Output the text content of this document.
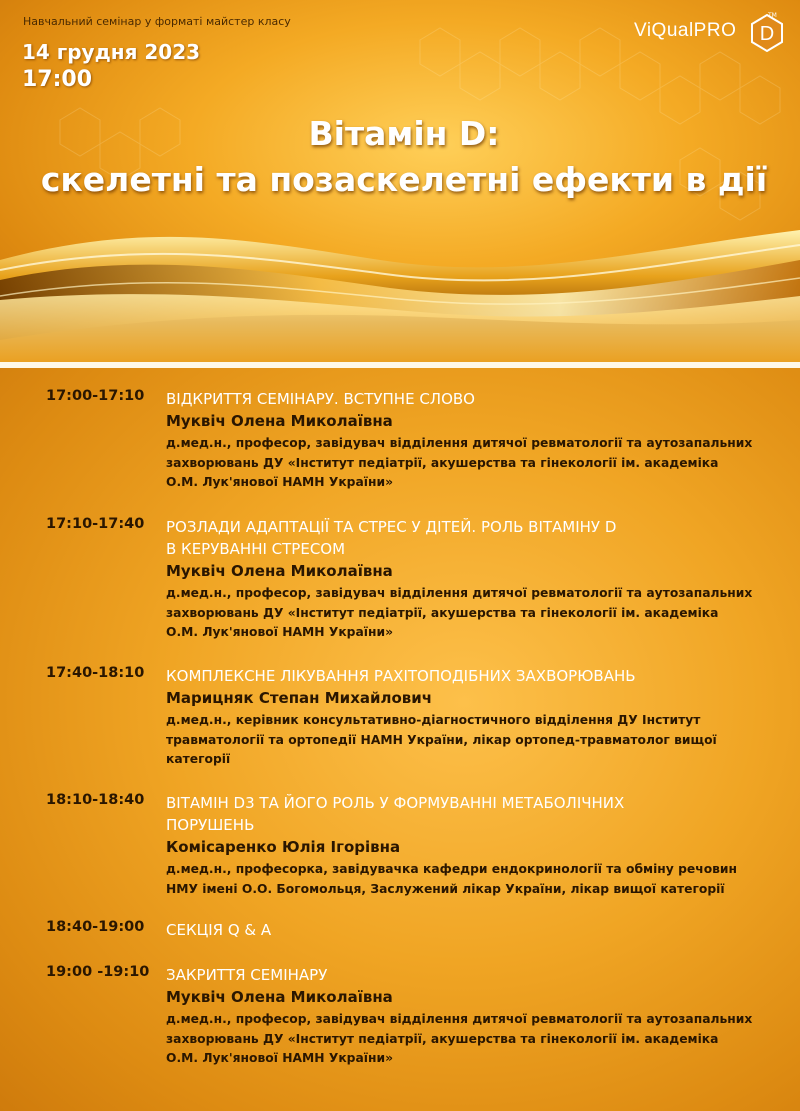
Навчальний семінар у форматі майстер класу
14 грудня 2023
17:00
ViQualPRO D
TM
Вітамін D:
скелетні та позаскелетні ефекти в дії
17:00-17:10 ВІДКРИТТЯ СЕМІНАРУ. ВСТУПНЕ СЛОВО
Муквіч Олена Миколаївна
д.мед.н., професор, завідувач відділення дитячої ревматології та аутозапальних
захворювань ДУ «Інститут педіатрії, акушерства та гінекології ім. академіка
О.М. Лук'янової НАМН України»
17:10-17:40 РОЗЛАДИ АДАПТАЦІЇ ТА СТРЕС У ДІТЕЙ. РОЛЬ ВІТАМІНУ D
В КЕРУВАННІ СТРЕСОМ
Муквіч Олена Миколаївна
д.мед.н., професор, завідувач відділення дитячої ревматології та аутозапальних
захворювань ДУ «Інститут педіатрії, акушерства та гінекології ім. академіка
О.М. Лук'янової НАМН України»
17:40-18:10 КОМПЛЕКСНЕ ЛІКУВАННЯ РАХІТОПОДІБНИХ ЗАХВОРЮВАНЬ
Марицняк Степан Михайлович
д.мед.н., керівник консультативно-діагностичного відділення ДУ Інститут
травматології та ортопедії НАМН України, лікар ортопед-травматолог вищої
категорії
18:10-18:40 ВІТАМІН D3 ТА ЙОГО РОЛЬ У ФОРМУВАННІ МЕТАБОЛІЧНИХ
ПОРУШЕНЬ
Комісаренко Юлія Ігорівна
д.мед.н., професорка, завідувачка кафедри ендокринології та обміну речовин
НМУ імені О.О. Богомольця, Заслужений лікар України, лікар вищої категорії
18:40-19:00 СЕКЦІЯ Q & A
19:00 -19:10 ЗАКРИТТЯ СЕМІНАРУ
Муквіч Олена Миколаївна
д.мед.н., професор, завідувач відділення дитячої ревматології та аутозапальних
захворювань ДУ «Інститут педіатрії, акушерства та гінекології ім. академіка
О.М. Лук'янової НАМН України»
